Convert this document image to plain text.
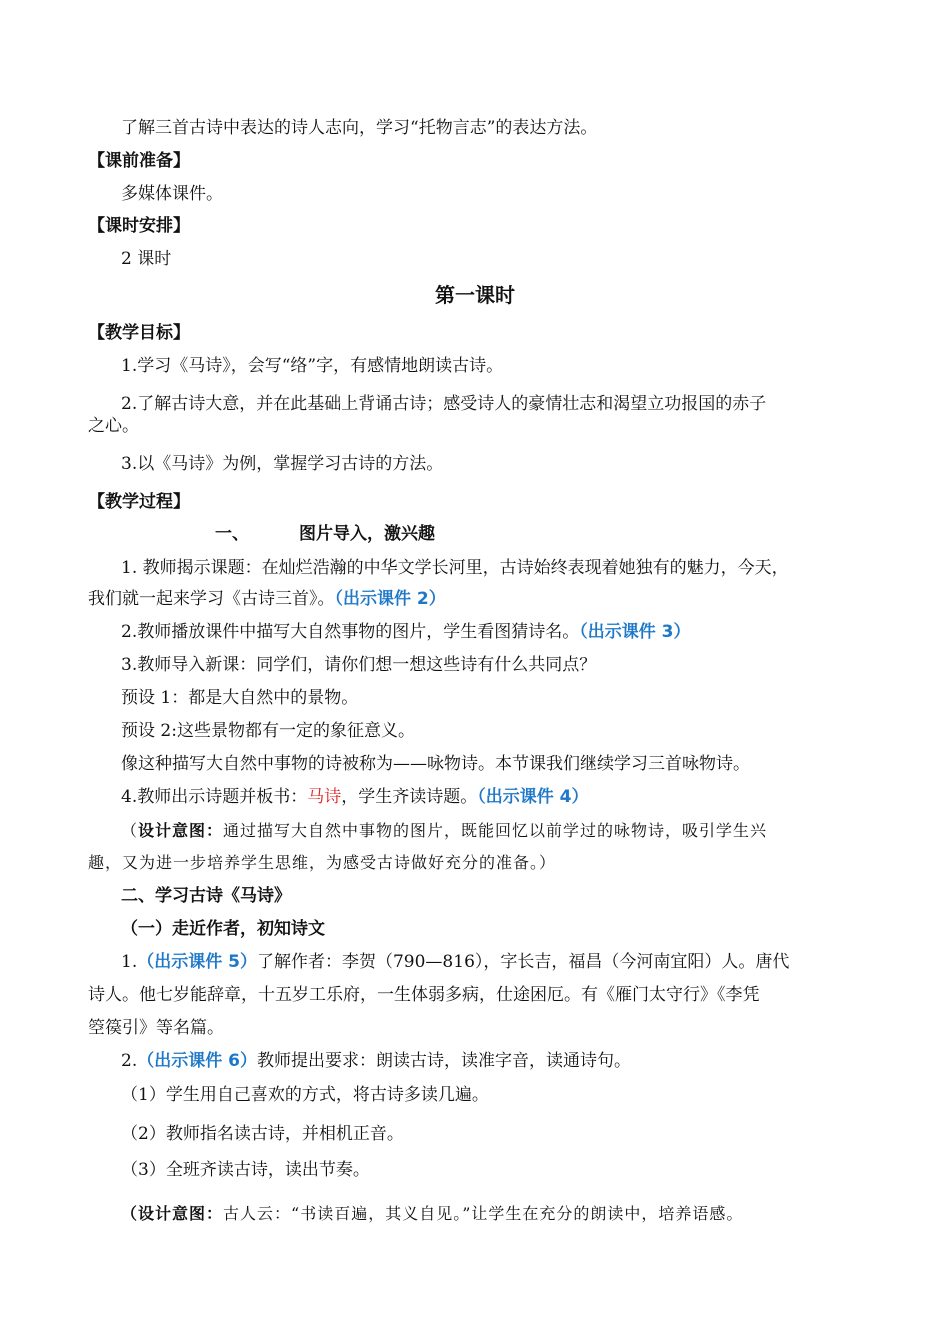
了解三首古诗中表达的诗人志向，学习“托物言志”的表达方法。
【课前准备】
多媒体课件。
【课时安排】
2 课时
第一课时
【教学目标】
1.学习《马诗》，会写“络”字，有感情地朗读古诗。
2.了解古诗大意，并在此基础上背诵古诗；感受诗人的豪情壮志和渴望立功报国的赤子
之心。
3.以《马诗》为例，掌握学习古诗的方法。
【教学过程】
一、	图片导入，激兴趣
1. 教师揭示课题：在灿烂浩瀚的中华文学长河里，古诗始终表现着她独有的魅力，今天，
我们就一起来学习《古诗三首》。（出示课件 2）
2.教师播放课件中描写大自然事物的图片，学生看图猜诗名。（出示课件 3）
3.教师导入新课：同学们，请你们想一想这些诗有什么共同点？
预设 1：都是大自然中的景物。
预设 2:这些景物都有一定的象征意义。
像这种描写大自然中事物的诗被称为——咏物诗。本节课我们继续学习三首咏物诗。
4.教师出示诗题并板书：马诗，学生齐读诗题。（出示课件 4）
（设计意图：通过描写大自然中事物的图片，既能回忆以前学过的咏物诗，吸引学生兴
趣，又为进一步培养学生思维，为感受古诗做好充分的准备。）
二、学习古诗《马诗》
（一）走近作者，初知诗文
1.（出示课件 5）了解作者：李贺（790—816），字长吉，福昌（今河南宜阳）人。唐代
诗人。他七岁能辞章，十五岁工乐府，一生体弱多病，仕途困厄。有《雁门太守行》《李凭
箜篌引》等名篇。
2.（出示课件 6）教师提出要求：朗读古诗，读准字音，读通诗句。
（1）学生用自己喜欢的方式，将古诗多读几遍。
（2）教师指名读古诗，并相机正音。
（3）全班齐读古诗，读出节奏。
（设计意图：古人云：“书读百遍，其义自见。”让学生在充分的朗读中，培养语感。
